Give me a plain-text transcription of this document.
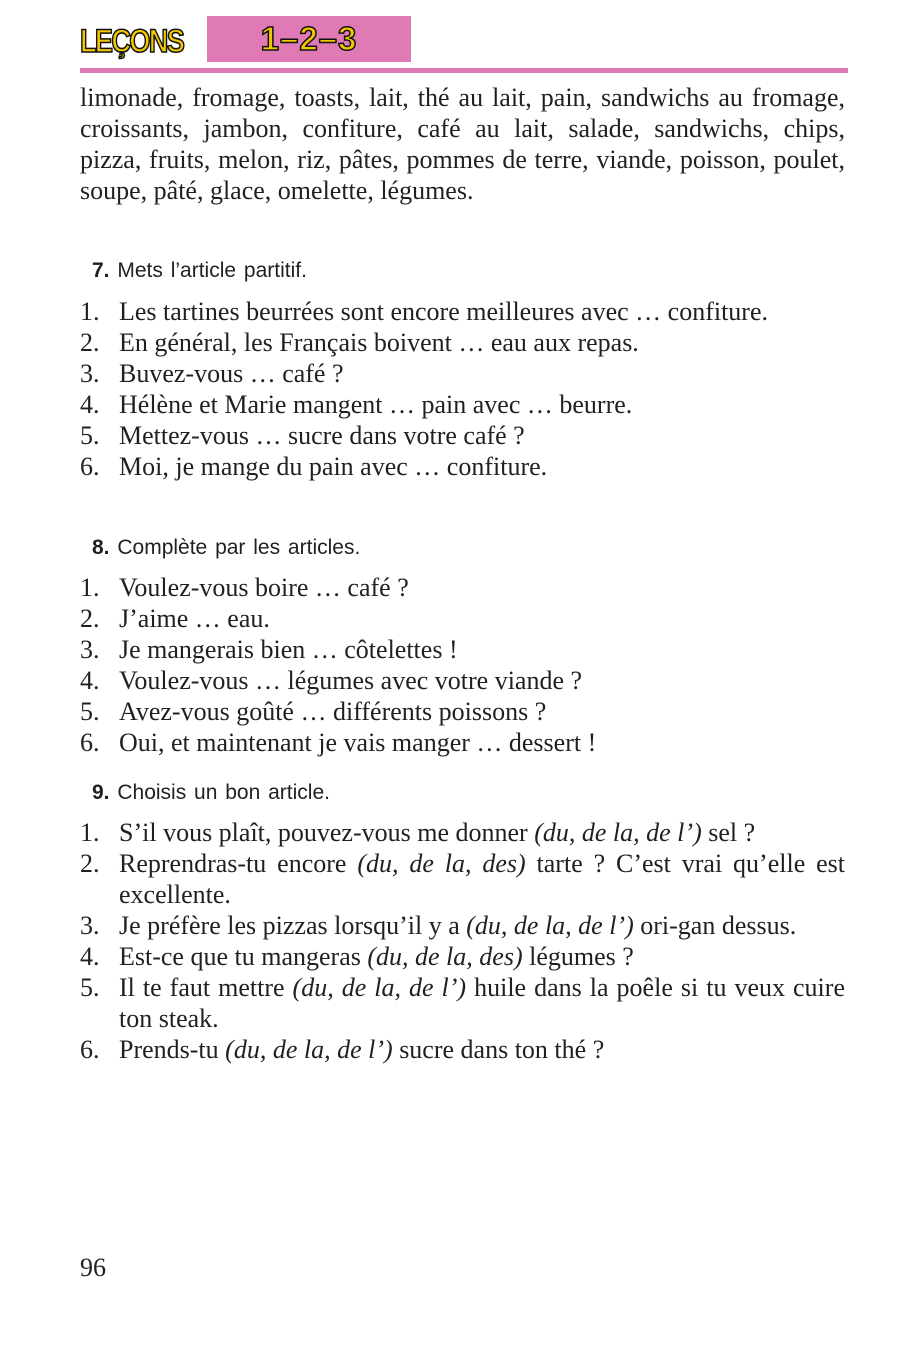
LEÇONS	1–2–3
limonade, fromage, toasts, lait, thé au lait, pain, sandwichs au fromage, croissants, jambon, confiture, café au lait, salade, sandwichs, chips, pizza, fruits, melon, riz, pâtes, pommes de terre, viande, poisson, poulet, soupe, pâté, glace, omelette, légumes.
7. Mets l’article partitif.
1. Les tartines beurrées sont encore meilleures avec … confiture.
2. En général, les Français boivent … eau aux repas.
3. Buvez-vous … café ?
4. Hélène et Marie mangent … pain avec … beurre.
5. Mettez-vous … sucre dans votre café ?
6. Moi, je mange du pain avec … confiture.
8. Complète par les articles.
1. Voulez-vous boire … café ?
2. J’aime … eau.
3. Je mangerais bien … côtelettes !
4. Voulez-vous … légumes avec votre viande ?
5. Avez-vous goûté … différents poissons ?
6. Oui, et maintenant je vais manger … dessert !
9. Choisis un bon article.
1. S’il vous plaît, pouvez-vous me donner (du, de la, de l’) sel ?
2. Reprendras-tu encore (du, de la, des) tarte ? C’est vrai qu’elle est excellente.
3. Je préfère les pizzas lorsqu’il y a (du, de la, de l’) ori-gan dessus.
4. Est-ce que tu mangeras (du, de la, des) légumes ?
5. Il te faut mettre (du, de la, de l’) huile dans la poêle si tu veux cuire ton steak.
6. Prends-tu (du, de la, de l’) sucre dans ton thé ?
96
